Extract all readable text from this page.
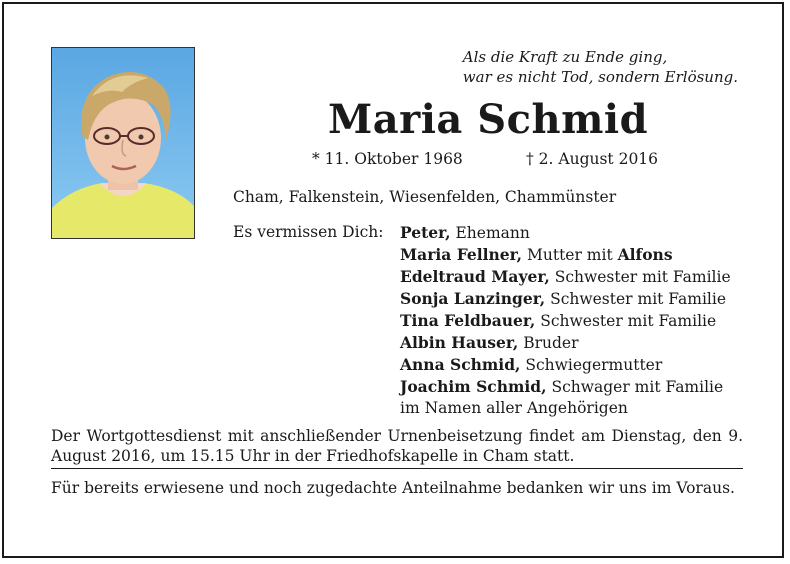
Als die Kraft zu Ende ging,
war es nicht Tod, sondern Erlösung.
Maria Schmid
* 11. Oktober 1968	† 2. August 2016
Cham, Falkenstein, Wiesenfelden, Chammünster
Es vermissen Dich: Peter, Ehemann
Maria Fellner, Mutter mit Alfons
Edeltraud Mayer, Schwester mit Familie
Sonja Lanzinger, Schwester mit Familie
Tina Feldbauer, Schwester mit Familie
Albin Hauser, Bruder
Anna Schmid, Schwiegermutter
Joachim Schmid, Schwager mit Familie
im Namen aller Angehörigen
Der Wortgottesdienst mit anschließender Urnenbeisetzung findet am Dienstag, den 9. August 2016, um 15.15 Uhr in der Friedhofskapelle in Cham statt.
Für bereits erwiesene und noch zugedachte Anteilnahme bedanken wir uns im Voraus.
